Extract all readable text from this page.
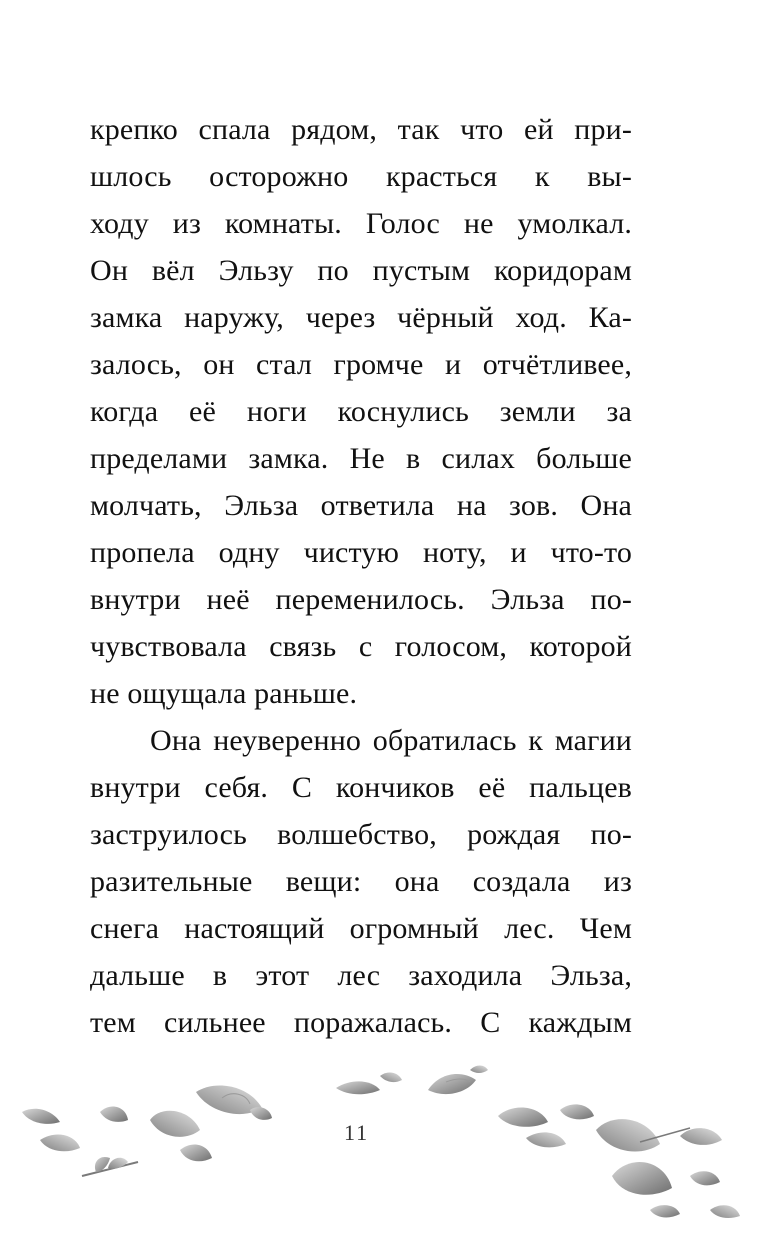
крепко спала рядом, так что ей при-
шлось осторожно красться к вы-
ходу из комнаты. Голос не умолкал.
Он вёл Эльзу по пустым коридорам
замка наружу, через чёрный ход. Ка-
залось, он стал громче и отчётливее,
когда её ноги коснулись земли за
пределами замка. Не в силах больше
молчать, Эльза ответила на зов. Она
пропела одну чистую ноту, и что-то
внутри неё переменилось. Эльза по-
чувствовала связь с голосом, которой
не ощущала раньше.
Она неуверенно обратилась к магии
внутри себя. С кончиков её пальцев
заструилось волшебство, рождая по-
разительные вещи: она создала из
снега настоящий огромный лес. Чем
дальше в этот лес заходила Эльза,
тем сильнее поражалась. С каждым
11
